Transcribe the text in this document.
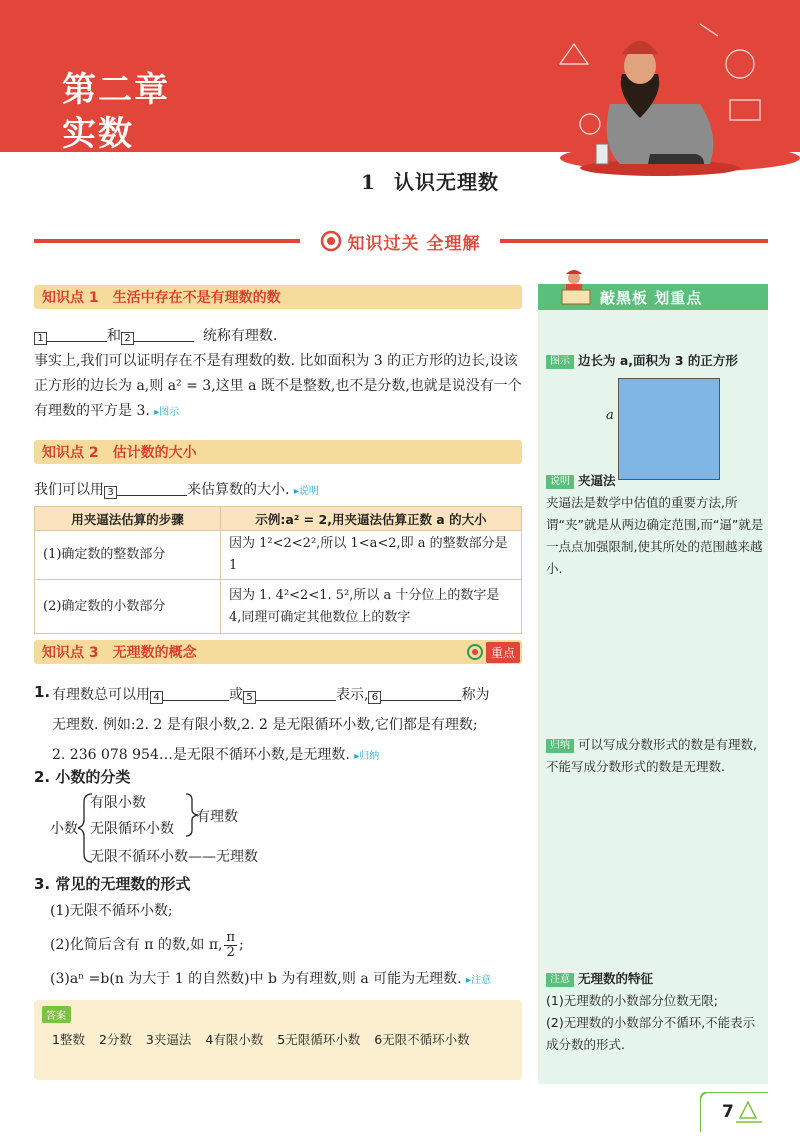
第二章
实数
1 认识无理数
知识过关 全理解
知识点 1	生活中存在不是有理数的数
1	和 2	统称有理数.
事实上,我们可以证明存在不是有理数的数. 比如面积为 3 的正方形的边长,设该正方形的边长为 a,则 a² = 3,这里 a 既不是整数,也不是分数,也就是说没有一个有理数的平方是 3. ▸图示
知识点 2	估计数的大小
我们可以用 3	来估算数的大小. ▸说明
用夹逼法估算的步骤	示例:a² = 2,用夹逼法估算正数 a 的大小
(1)确定数的整数部分	因为 1²<2<2²,所以 1<a<2,即 a 的整数部分是 1
(2)确定数的小数部分	因为 1. 4²<2<1. 5²,所以 a 十分位上的数字是 4,同理可确定其他数位上的数字
知识点 3	无理数的概念	重点
1. 有理数总可以用 4	或 5	表示, 6	称为
无理数. 例如:2. 2 是有限小数,2. 2̇ 是无限循环小数,它们都是有理数;
2. 236 078 954…是无限不循环小数,是无理数. ▸归纳
2. 小数的分类
小数
有限小数
无限循环小数
有理数
无限不循环小数——无理数
3. 常见的无理数的形式
(1)无限不循环小数;
(2)化简后含有 π 的数,如 π, $\frac{\pi}{2}$ ;
(3)aⁿ =b(n 为大于 1 的自然数)中 b 为有理数,则 a 可能为无理数. ▸注意
答案
1整数 2分数 3夹逼法 4有限小数 5无限循环小数 6无限不循环小数
敲黑板 划重点
图示 边长为 a,面积为 3 的正方形
a
说明 夹逼法
夹逼法是数学中估值的重要方法,所谓“夹”就是从两边确定范围,而“逼”就是一点点加强限制,使其所处的范围越来越小.
归纳 可以写成分数形式的数是有理数,不能写成分数形式的数是无理数.
注意 无理数的特征
(1)无理数的小数部分位数无限;
(2)无理数的小数部分不循环,不能表示成分数的形式.
7
